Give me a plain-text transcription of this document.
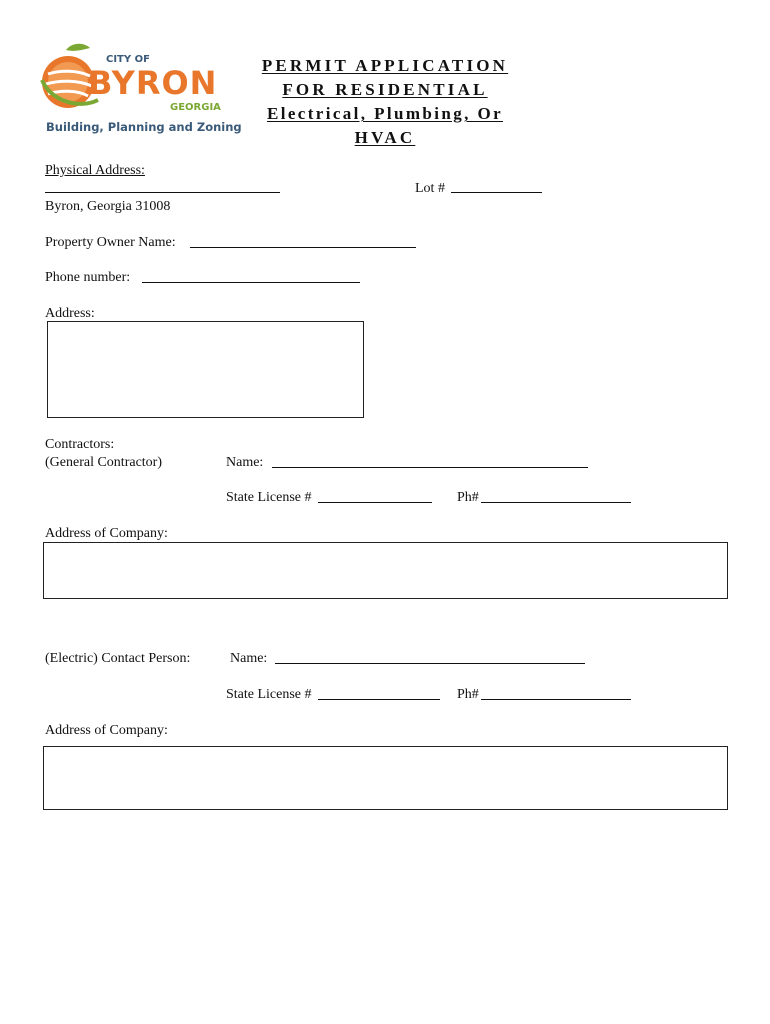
CITY OF
BYRON
GEORGIA
Building, Planning and Zoning
PERMIT APPLICATION
FOR RESIDENTIAL
Electrical, Plumbing, Or
HVAC
Physical Address:
Lot #
Byron, Georgia 31008
Property Owner Name:
Phone number:
Address:
Contractors:
(General Contractor)	Name:
State License #	Ph#
Address of Company:
(Electric) Contact Person:	Name:
State License #	Ph#
Address of Company:
